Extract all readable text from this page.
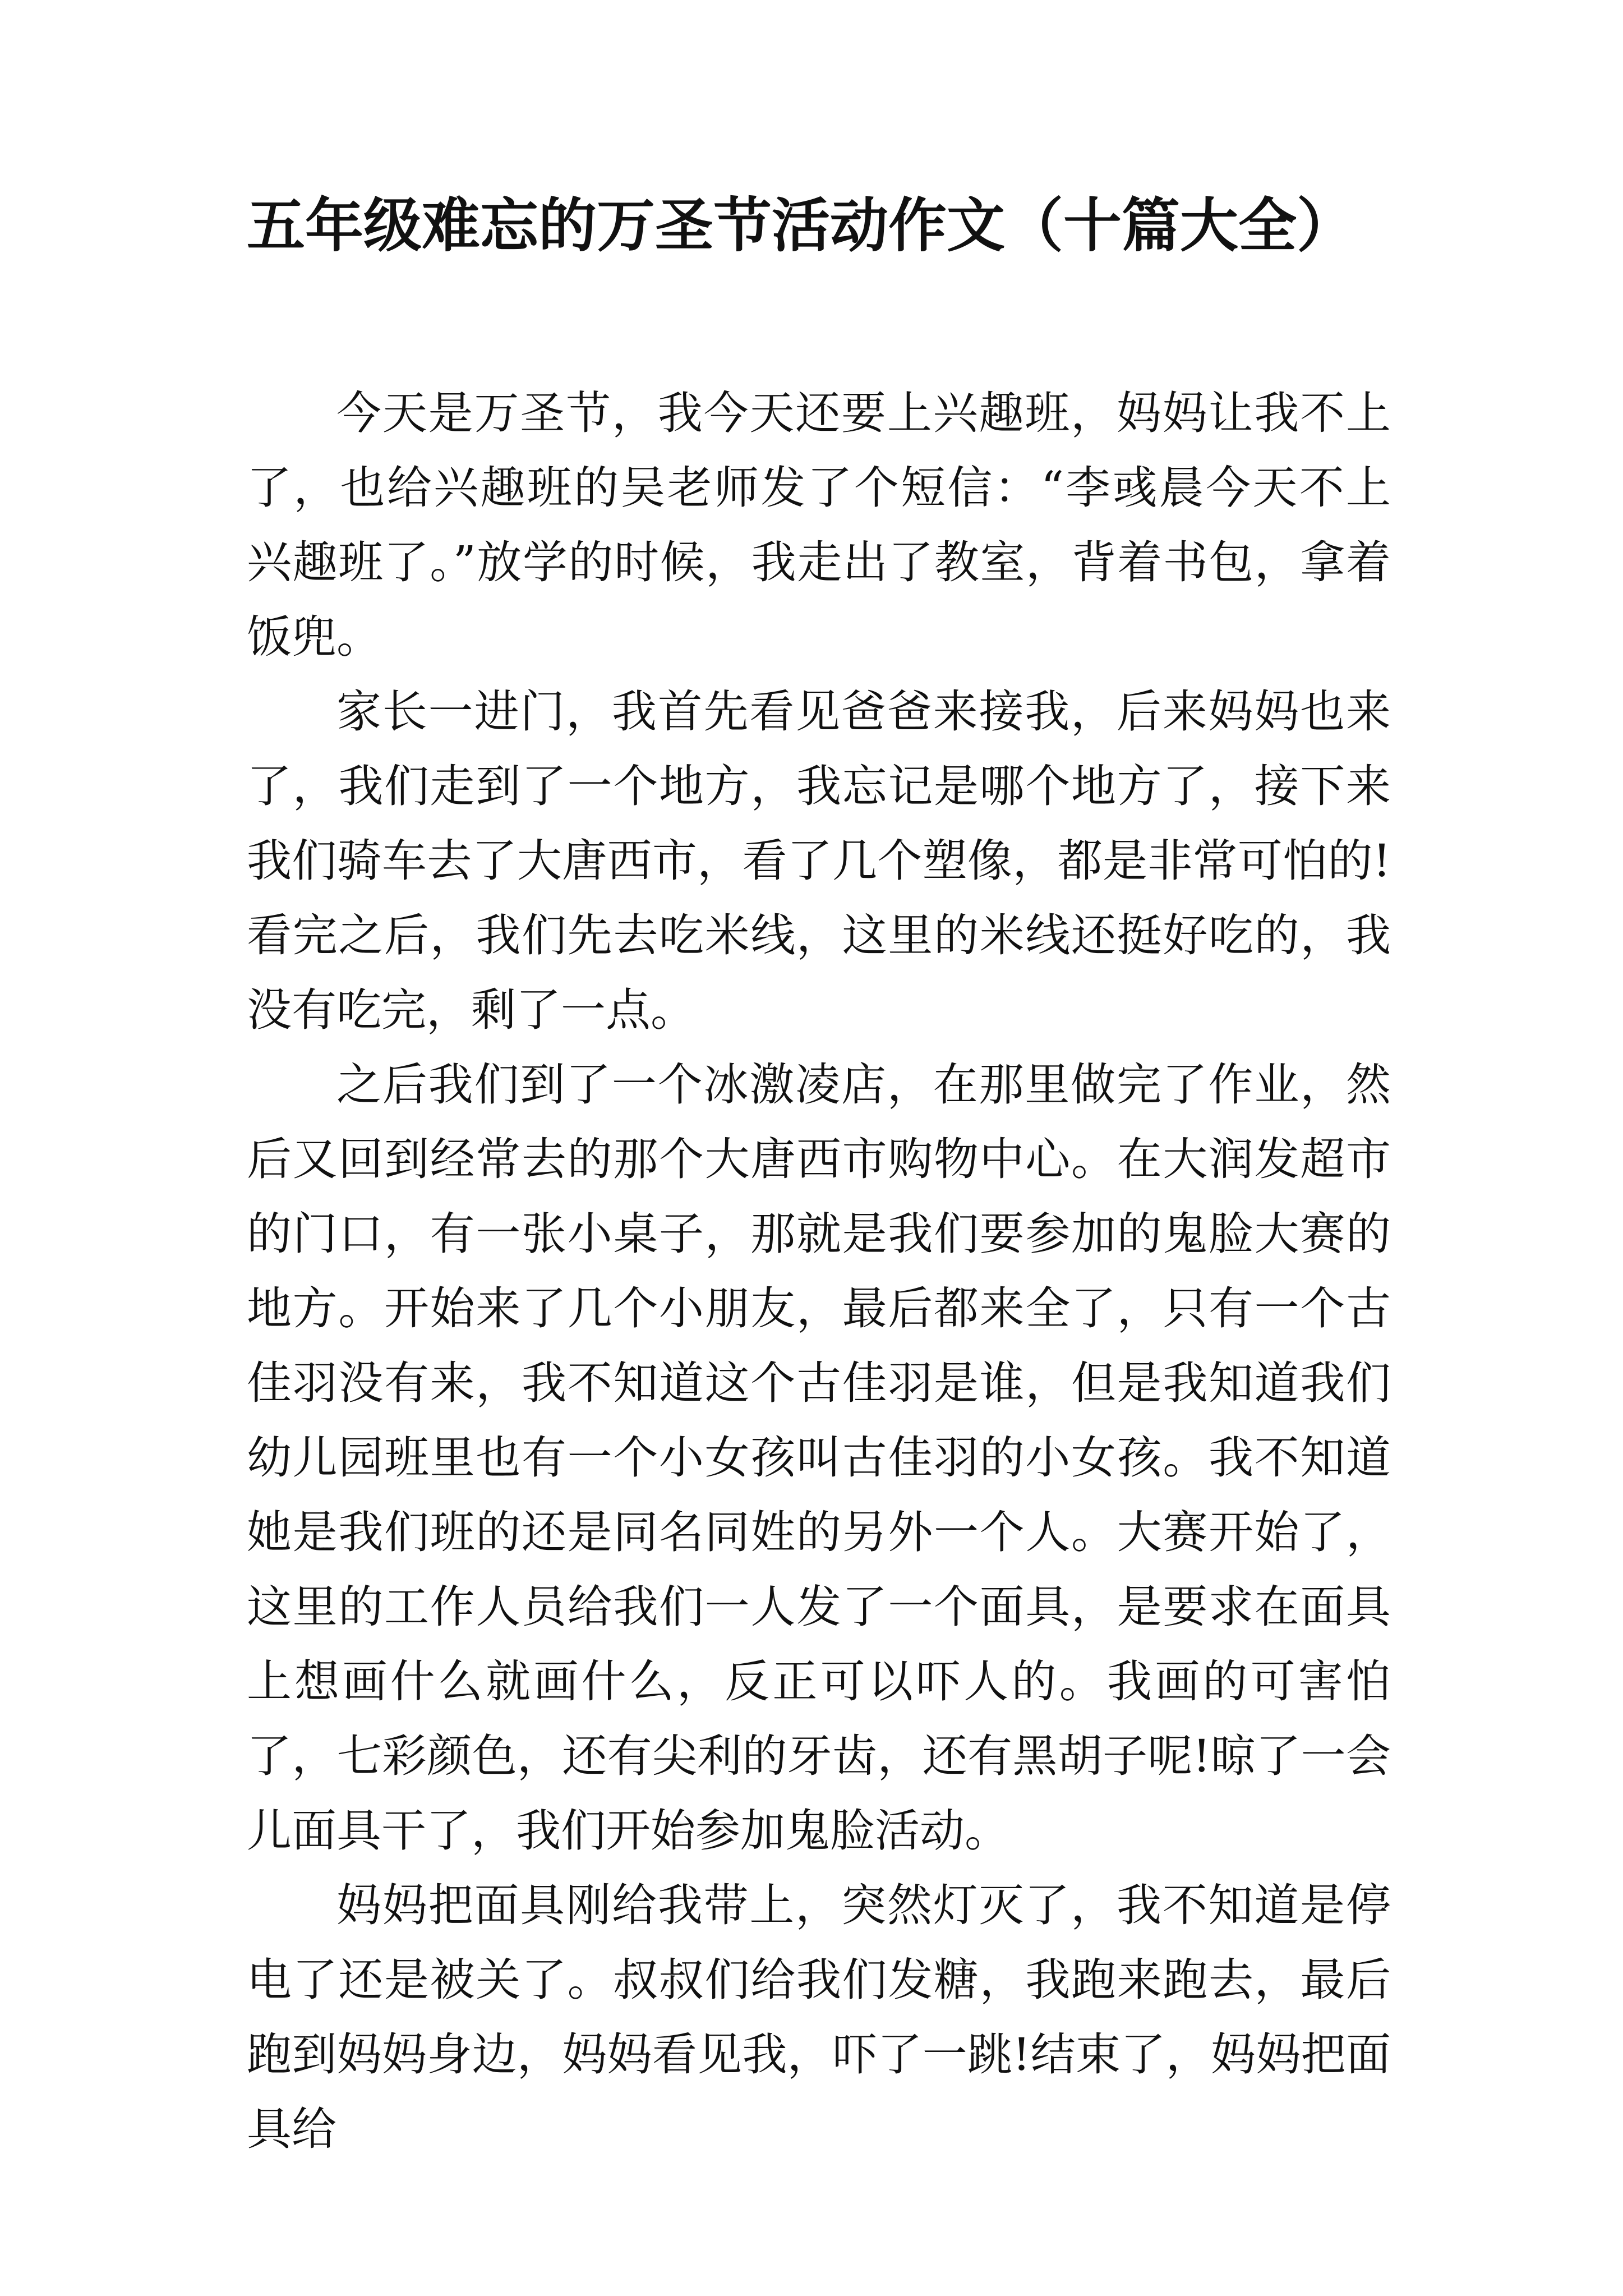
五年级难忘的万圣节活动作文（十篇大全）

今天是万圣节，我今天还要上兴趣班，妈妈让我不上了，也给兴趣班的吴老师发了个短信：“李彧晨今天不上兴趣班了。”放学的时候，我走出了教室，背着书包，拿着饭兜。

家长一进门，我首先看见爸爸来接我，后来妈妈也来了，我们走到了一个地方，我忘记是哪个地方了，接下来我们骑车去了大唐西市，看了几个塑像，都是非常可怕的!看完之后，我们先去吃米线，这里的米线还挺好吃的，我没有吃完，剩了一点。

之后我们到了一个冰激凌店，在那里做完了作业，然后又回到经常去的那个大唐西市购物中心。在大润发超市的门口，有一张小桌子，那就是我们要参加的鬼脸大赛的地方。开始来了几个小朋友，最后都来全了，只有一个古佳羽没有来，我不知道这个古佳羽是谁，但是我知道我们幼儿园班里也有一个小女孩叫古佳羽的小女孩。我不知道她是我们班的还是同名同姓的另外一个人。大赛开始了，这里的工作人员给我们一人发了一个面具，是要求在面具上想画什么就画什么，反正可以吓人的。我画的可害怕了，七彩颜色，还有尖利的牙齿，还有黑胡子呢!晾了一会儿面具干了，我们开始参加鬼脸活动。

妈妈把面具刚给我带上，突然灯灭了，我不知道是停电了还是被关了。叔叔们给我们发糖，我跑来跑去，最后跑到妈妈身边，妈妈看见我，吓了一跳!结束了，妈妈把面具给
